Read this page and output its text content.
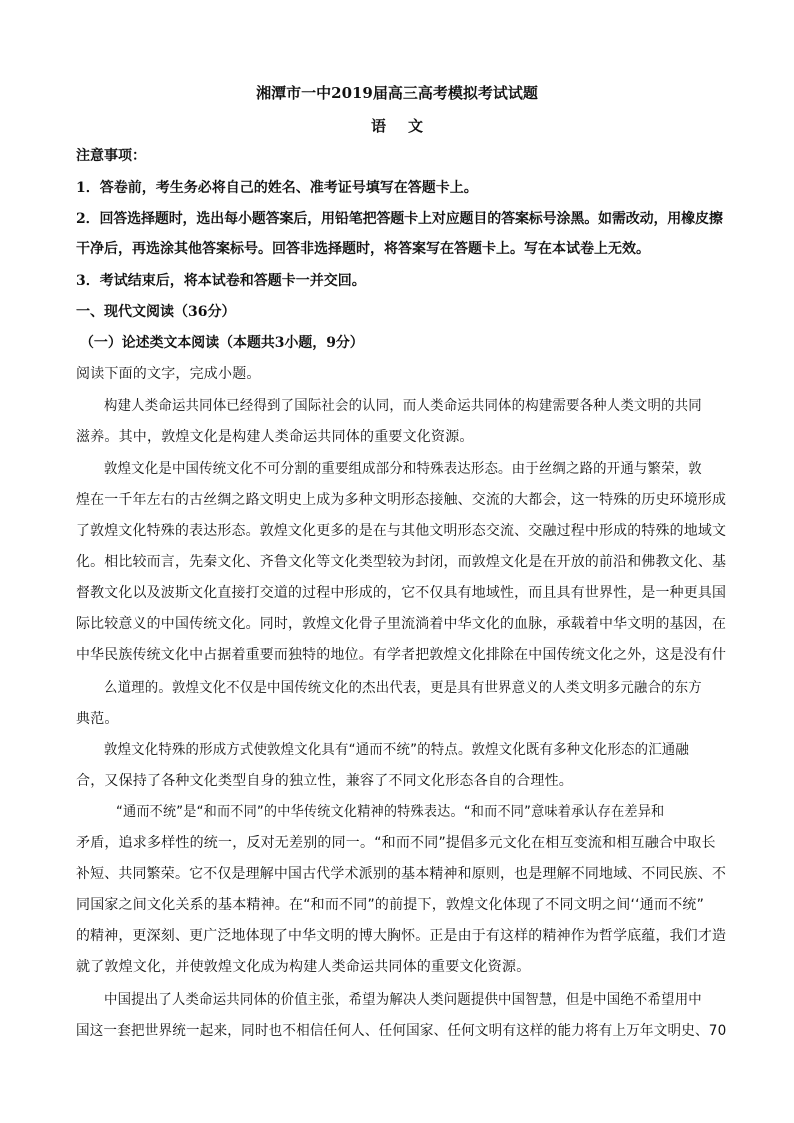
湘潭市一中2019届高三高考模拟考试试题
语文
注意事项：
1．答卷前，考生务必将自己的姓名、准考证号填写在答题卡上。
2．回答选择题时，选出每小题答案后，用铅笔把答题卡上对应题目的答案标号涂黑。如需改动，用橡皮擦
干净后，再选涂其他答案标号。回答非选择题时，将答案写在答题卡上。写在本试卷上无效。
3．考试结束后，将本试卷和答题卡一并交回。
一、现代文阅读（36分）
（一）论述类文本阅读（本题共3小题，9分）
阅读下面的文字，完成小题。
构建人类命运共同体已经得到了国际社会的认同，而人类命运共同体的构建需要各种人类文明的共同
滋养。其中，敦煌文化是构建人类命运共同体的重要文化资源。
敦煌文化是中国传统文化不可分割的重要组成部分和特殊表达形态。由于丝绸之路的开通与繁荣，敦
煌在一千年左右的古丝绸之路文明史上成为多种文明形态接触、交流的大都会，这一特殊的历史环境形成
了敦煌文化特殊的表达形态。敦煌文化更多的是在与其他文明形态交流、交融过程中形成的特殊的地域文
化。相比较而言，先秦文化、齐鲁文化等文化类型较为封闭，而敦煌文化是在开放的前沿和佛教文化、基
督教文化以及波斯文化直接打交道的过程中形成的，它不仅具有地域性，而且具有世界性，是一种更具国
际比较意义的中国传统文化。同时，敦煌文化骨子里流淌着中华文化的血脉，承载着中华文明的基因，在
中华民族传统文化中占据着重要而独特的地位。有学者把敦煌文化排除在中国传统文化之外，这是没有什
么道理的。敦煌文化不仅是中国传统文化的杰出代表，更是具有世界意义的人类文明多元融合的东方
典范。
敦煌文化特殊的形成方式使敦煌文化具有“通而不统”的特点。敦煌文化既有多种文化形态的汇通融
合，又保持了各种文化类型自身的独立性，兼容了不同文化形态各自的合理性。
“通而不统”是“和而不同”的中华传统文化精神的特殊表达。“和而不同”意味着承认存在差异和
矛盾，追求多样性的统一，反对无差别的同一。“和而不同”提倡多元文化在相互变流和相互融合中取长
补短、共同繁荣。它不仅是理解中国古代学术派别的基本精神和原则，也是理解不同地域、不同民族、不
同国家之间文化关系的基本精神。在“和而不同”的前提下，敦煌文化体现了不同文明之间‘‘通而不统”
的精神，更深刻、更广泛地体现了中华文明的博大胸怀。正是由于有这样的精神作为哲学底蕴，我们才造
就了敦煌文化，并使敦煌文化成为构建人类命运共同体的重要文化资源。
中国提出了人类命运共同体的价值主张，希望为解决人类问题提供中国智慧，但是中国绝不希望用中
国这一套把世界统一起来，同时也不相信任何人、任何国家、任何文明有这样的能力将有上万年文明史、70
